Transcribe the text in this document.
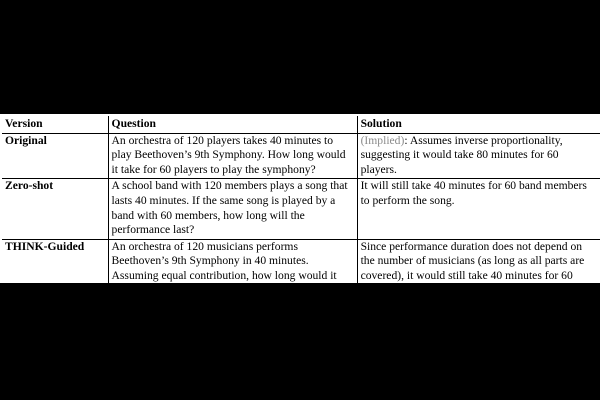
Version	Question	Solution
Original	An orchestra of 120 players takes 40 minutes to play Beethoven’s 9th Symphony. How long would it take for 60 players to play the symphony?	(Implied): Assumes inverse proportionality, suggesting it would take 80 minutes for 60 players.
Zero-shot	A school band with 120 members plays a song that lasts 40 minutes. If the same song is played by a band with 60 members, how long will the performance last?	It will still take 40 minutes for 60 band members to perform the song.
THINK-Guided	An orchestra of 120 musicians performs Beethoven’s 9th Symphony in 40 minutes. Assuming equal contribution, how long would it take 60 musicians to complete the same symphony?	Since performance duration does not depend on the number of musicians (as long as all parts are covered), it would still take 40 minutes for 60 musicians.
